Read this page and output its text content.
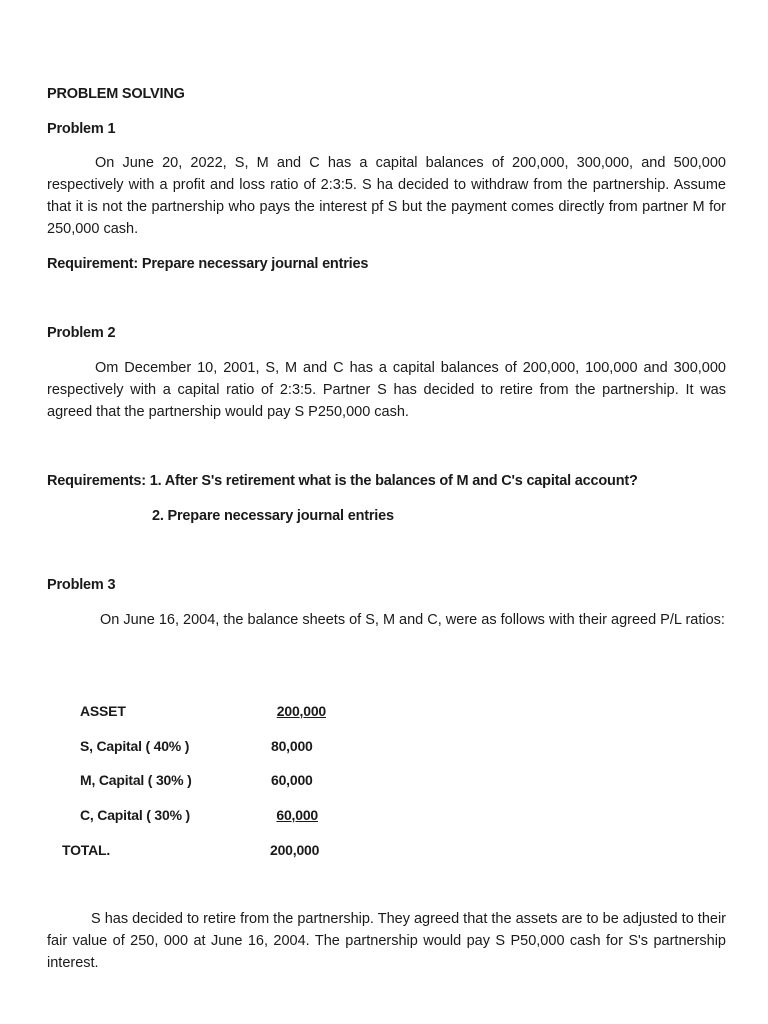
PROBLEM SOLVING
Problem 1
On June 20, 2022, S, M and C has a capital balances of 200,000, 300,000, and 500,000 respectively with a profit and loss ratio of 2:3:5. S ha decided to withdraw from the partnership. Assume that it is not the partnership who pays the interest pf S but the payment comes directly from partner M for 250,000 cash.
Requirement: Prepare necessary journal entries
Problem 2
Om December 10, 2001, S, M and C has a capital balances of 200,000, 100,000 and 300,000 respectively with a capital ratio of 2:3:5. Partner S has decided to retire from the partnership. It was agreed that the partnership would pay S P250,000 cash.
Requirements: 1. After S's retirement what is the balances of M and C's capital account?
2. Prepare necessary journal entries
Problem 3
On June 16, 2004, the balance sheets of S, M and C, were as follows with their agreed P/L ratios:
ASSET	200,000
S, Capital ( 40% )	80,000
M, Capital ( 30% )	60,000
C, Capital ( 30% )	60,000
TOTAL.	200,000
S has decided to retire from the partnership. They agreed that the assets are to be adjusted to their fair value of 250, 000 at June 16, 2004. The partnership would pay S P50,000 cash for S's partnership interest.
